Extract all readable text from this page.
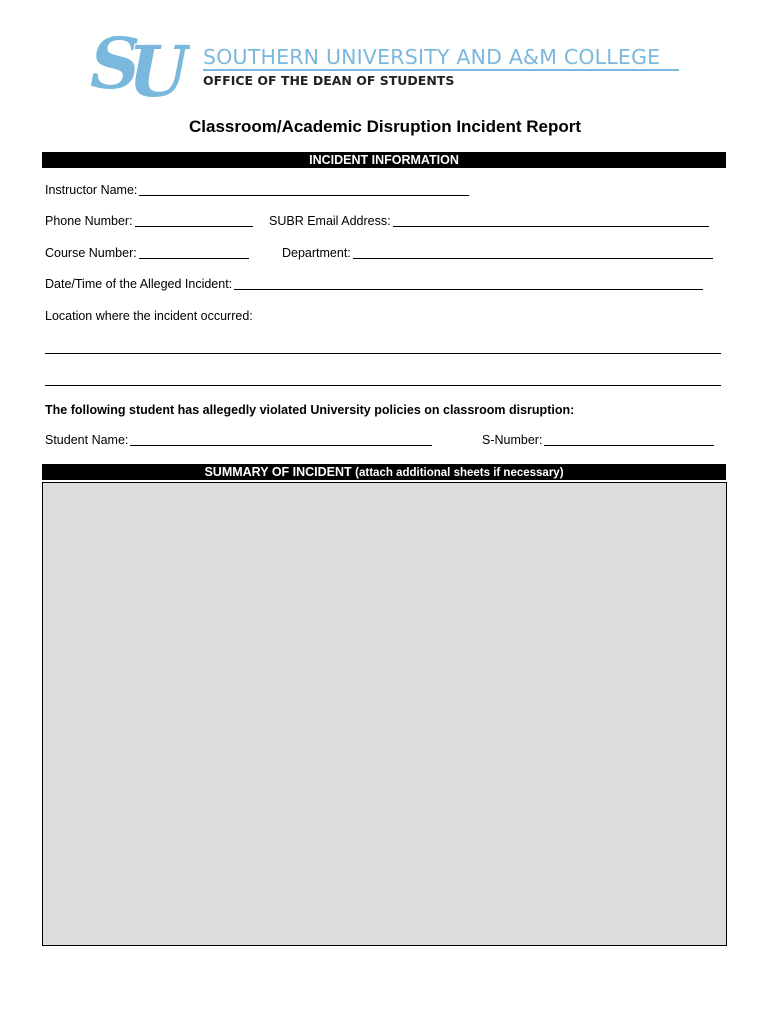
S
U SOUTHERN UNIVERSITY AND A&M COLLEGE
OFFICE OF THE DEAN OF STUDENTS
Classroom/Academic Disruption Incident Report
INCIDENT INFORMATION
Instructor Name:
Phone Number:	SUBR Email Address:
Course Number:	Department:
Date/Time of the Alleged Incident:
Location where the incident occurred:
The following student has allegedly violated University policies on classroom disruption:
Student Name:	S-Number:
SUMMARY OF INCIDENT (attach additional sheets if necessary)
